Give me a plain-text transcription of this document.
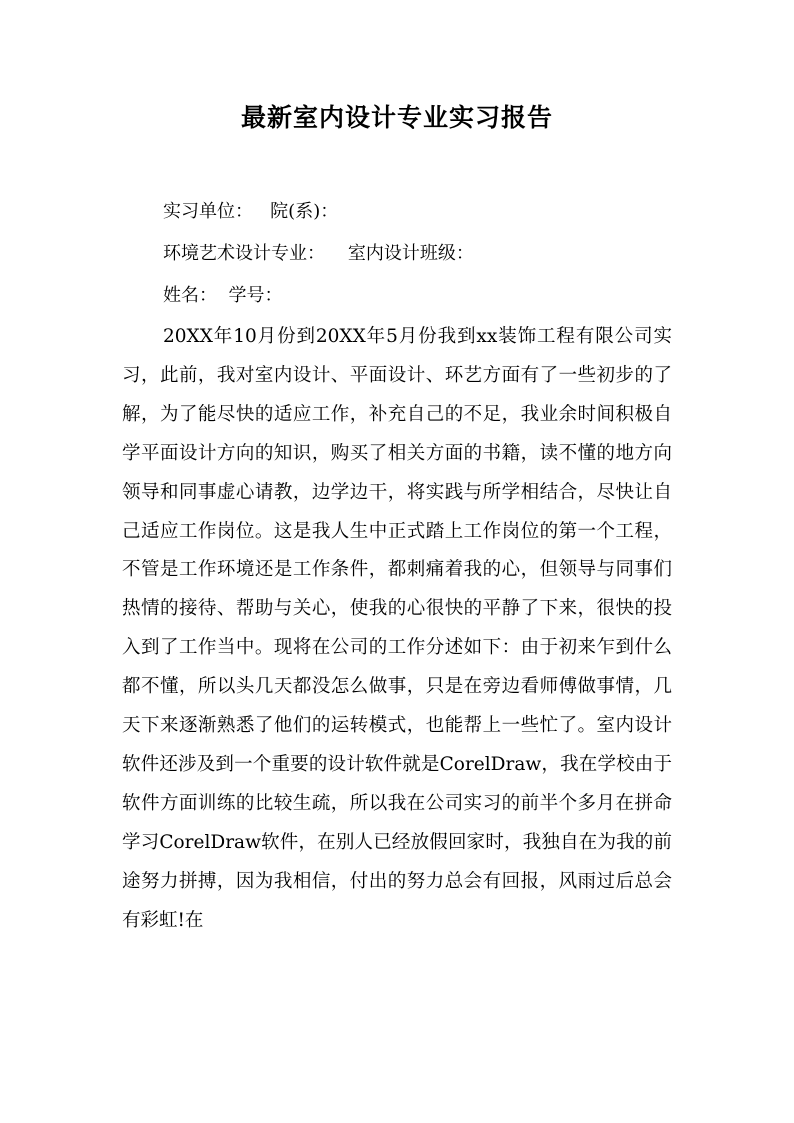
最新室内设计专业实习报告
实习单位： 院(系)：
环境艺术设计专业： 室内设计班级：
姓名： 学号：

20XX年10月份到20XX年5月份我到xx装饰工程有限公司实习，此前，我对室内设计、平面设计、环艺方面有了一些初步的了解，为了能尽快的适应工作，补充自己的不足，我业余时间积极自学平面设计方向的知识，购买了相关方面的书籍，读不懂的地方向领导和同事虚心请教，边学边干，将实践与所学相结合，尽快让自己适应工作岗位。这是我人生中正式踏上工作岗位的第一个工程，不管是工作环境还是工作条件，都刺痛着我的心，但领导与同事们热情的接待、帮助与关心，使我的心很快的平静了下来，很快的投入到了工作当中。现将在公司的工作分述如下：由于初来乍到什么都不懂，所以头几天都没怎么做事，只是在旁边看师傅做事情，几天下来逐渐熟悉了他们的运转模式，也能帮上一些忙了。室内设计软件还涉及到一个重要的设计软件就是CorelDraw，我在学校由于软件方面训练的比较生疏，所以我在公司实习的前半个多月在拼命学习CorelDraw软件，在别人已经放假回家时，我独自在为我的前途努力拼搏，因为我相信，付出的努力总会有回报，风雨过后总会有彩虹!在
